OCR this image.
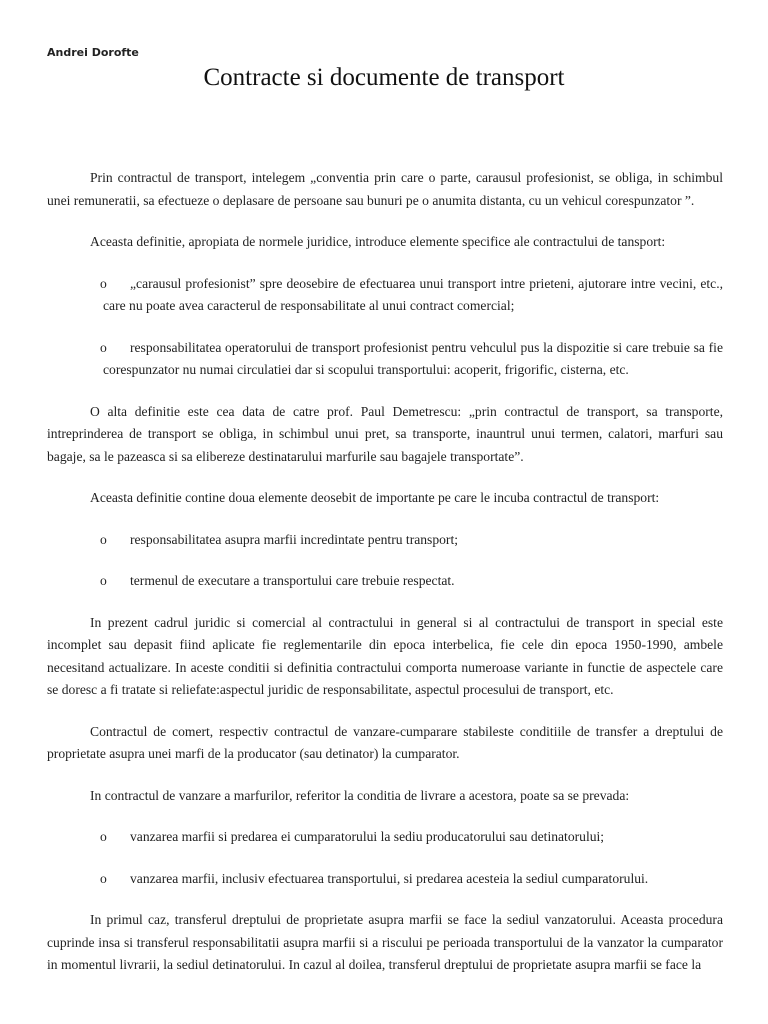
Andrei Dorofte
Contracte si documente de transport

Prin contractul de transport, intelegem „conventia prin care o parte, carausul profesionist, se obliga, in schimbul unei remuneratii, sa efectueze o deplasare de persoane sau bunuri pe o anumita distanta, cu un vehicul corespunzator ”.

Aceasta definitie, apropiata de normele juridice, introduce elemente specifice ale contractului de tansport:

o „carausul profesionist” spre deosebire de efectuarea unui transport intre prieteni, ajutorare intre vecini, etc., care nu poate avea caracterul de responsabilitate al unui contract comercial;
o responsabilitatea operatorului de transport profesionist pentru vehculul pus la dispozitie si care trebuie sa fie corespunzator nu numai circulatiei dar si scopului transportului: acoperit, frigorific, cisterna, etc.

O alta definitie este cea data de catre prof. Paul Demetrescu: „prin contractul de transport, sa transporte, intreprinderea de transport se obliga, in schimbul unui pret, sa transporte, inauntrul unui termen, calatori, marfuri sau bagaje, sa le pazeasca si sa elibereze destinatarului marfurile sau bagajele transportate”.

Aceasta definitie contine doua elemente deosebit de importante pe care le incuba contractul de transport:

o responsabilitatea asupra marfii incredintate pentru transport;
o termenul de executare a transportului care trebuie respectat.

In prezent cadrul juridic si comercial al contractului in general si al contractului de transport in special este incomplet sau depasit fiind aplicate fie reglementarile din epoca interbelica, fie cele din epoca 1950-1990, ambele necesitand actualizare. In aceste conditii si definitia contractului comporta numeroase variante in functie de aspectele care se doresc a fi tratate si reliefate:aspectul juridic de responsabilitate, aspectul procesului de transport, etc.

Contractul de comert, respectiv contractul de vanzare-cumparare stabileste conditiile de transfer a dreptului de proprietate asupra unei marfi de la producator (sau detinator) la cumparator.

In contractul de vanzare a marfurilor, referitor la conditia de livrare a acestora, poate sa se prevada:

o vanzarea marfii si predarea ei cumparatorului la sediu producatorului sau detinatorului;
o vanzarea marfii, inclusiv efectuarea transportului, si predarea acesteia la sediul cumparatorului.

In primul caz, transferul dreptului de proprietate asupra marfii se face la sediul vanzatorului. Aceasta procedura cuprinde insa si transferul responsabilitatii asupra marfii si a riscului pe perioada transportului de la vanzator la cumparator in momentul livrarii, la sediul detinatorului. In cazul al doilea, transferul dreptului de proprietate asupra marfii se face la
